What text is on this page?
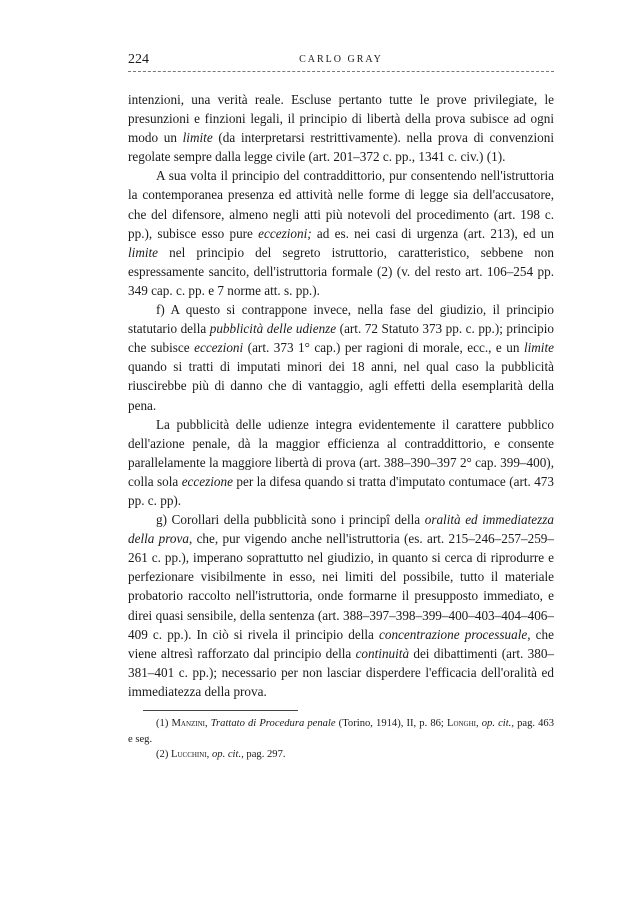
224	CARLO GRAY

intenzioni, una verità reale. Escluse pertanto tutte le prove privilegiate, le presunzioni e finzioni legali, il principio di libertà della prova subisce ad ogni modo un limite (da interpretarsi restrittivamente). nella prova di convenzioni regolate sempre dalla legge civile (art. 201–372 c. pp., 1341 c. civ.) (1).

A sua volta il principio del contraddittorio, pur consentendo nell'istruttoria la contemporanea presenza ed attività nelle forme di legge sia dell'accusatore, che del difensore, almeno negli atti più notevoli del procedimento (art. 198 c. pp.), subisce esso pure eccezioni; ad es. nei casi di urgenza (art. 213), ed un limite nel principio del segreto istruttorio, caratteristico, sebbene non espressamente sancito, dell'istruttoria formale (2) (v. del resto art. 106–254 pp. 349 cap. c. pp. e 7 norme att. s. pp.).

f) A questo si contrappone invece, nella fase del giudizio, il principio statutario della pubblicità delle udienze (art. 72 Statuto 373 pp. c. pp.); principio che subisce eccezioni (art. 373 1° cap.) per ragioni di morale, ecc., e un limite quando si tratti di imputati minori dei 18 anni, nel qual caso la pubblicità riuscirebbe più di danno che di vantaggio, agli effetti della esemplarità della pena.

La pubblicità delle udienze integra evidentemente il carattere pubblico dell'azione penale, dà la maggior efficienza al contraddittorio, e consente parallelamente la maggiore libertà di prova (art. 388–390–397 2° cap. 399–400), colla sola eccezione per la difesa quando si tratta d'imputato contumace (art. 473 pp. c. pp).

g) Corollari della pubblicità sono i principî della oralità ed immediatezza della prova, che, pur vigendo anche nell'istruttoria (es. art. 215–246–257–259–261 c. pp.), imperano soprattutto nel giudizio, in quanto si cerca di riprodurre e perfezionare visibilmente in esso, nei limiti del possibile, tutto il materiale probatorio raccolto nell'istruttoria, onde formarne il presupposto immediato, e direi quasi sensibile, della sentenza (art. 388–397–398–399–400–403–404–406–409 c. pp.). In ciò si rivela il principio della concentrazione processuale, che viene altresì rafforzato dal principio della continuità dei dibattimenti (art. 380–381–401 c. pp.); necessario per non lasciar disperdere l'efficacia dell'oralità ed immediatezza della prova.

(1) Manzini, Trattato di Procedura penale (Torino, 1914), II, p. 86; Longhi, op. cit., pag. 463 e seg.

(2) Lucchini, op. cit., pag. 297.
